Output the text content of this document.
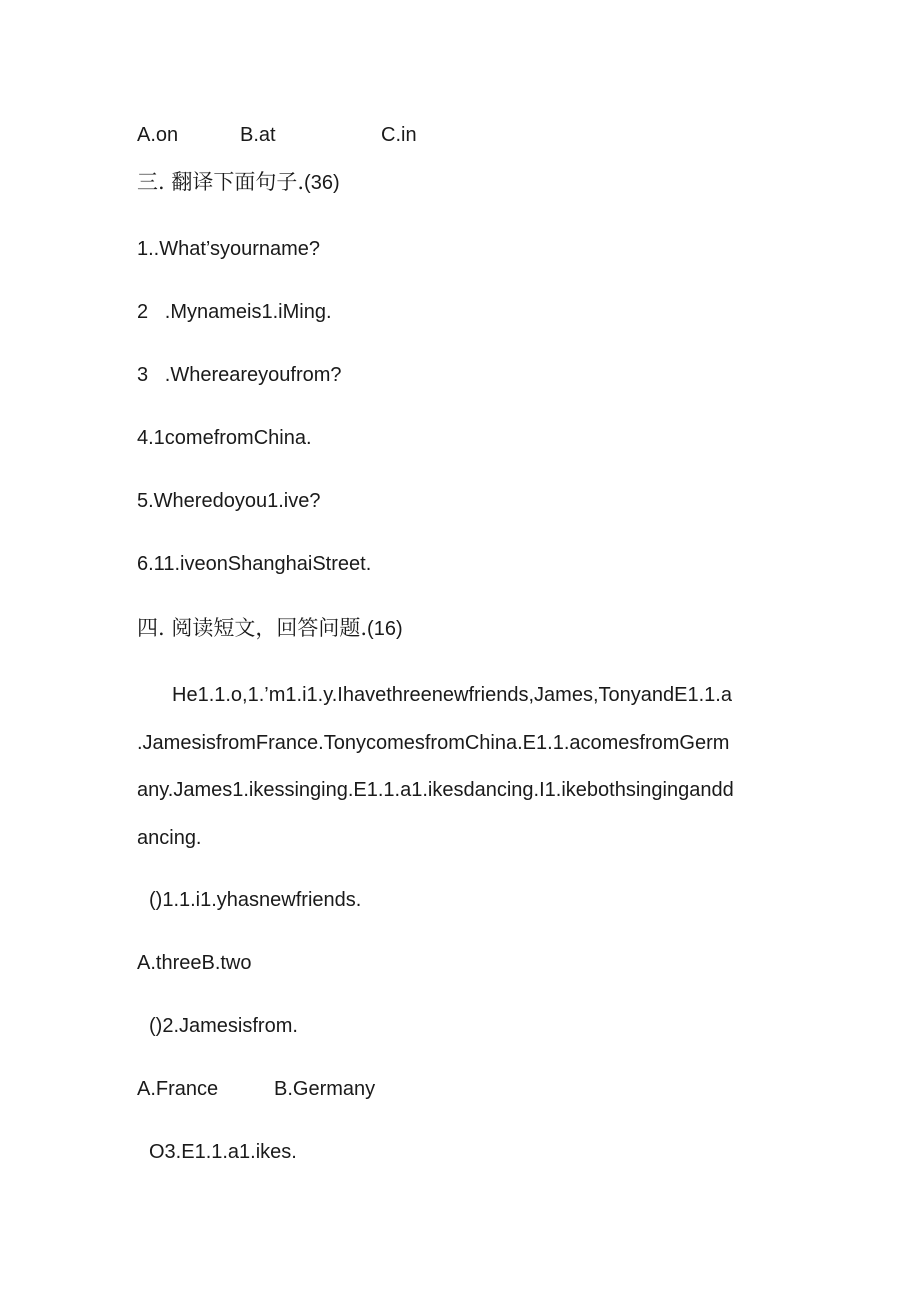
A.on	B.at	C.in
三. 翻译下面句子.(36)
1..What’syourname?
2   .Mynameis1.iMing.
3   .Whereareyoufrom?
4.1comefromChina.
5.Wheredoyou1.ive?
6.11.iveonShanghaiStreet.
四. 阅读短文，回答问题.(16)
He1.1.o,1.’m1.i1.y.Ihavethreenewfriends,James,TonyandE1.1.a
.JamesisfromFrance.TonycomesfromChina.E1.1.acomesfromGerm
any.James1.ikessinging.E1.1.a1.ikesdancing.I1.ikebothsingingandd
ancing.
()1.1.i1.yhasnewfriends.
A.threeB.two
()2.Jamesisfrom.
A.France	B.Germany
O3.E1.1.a1.ikes.
